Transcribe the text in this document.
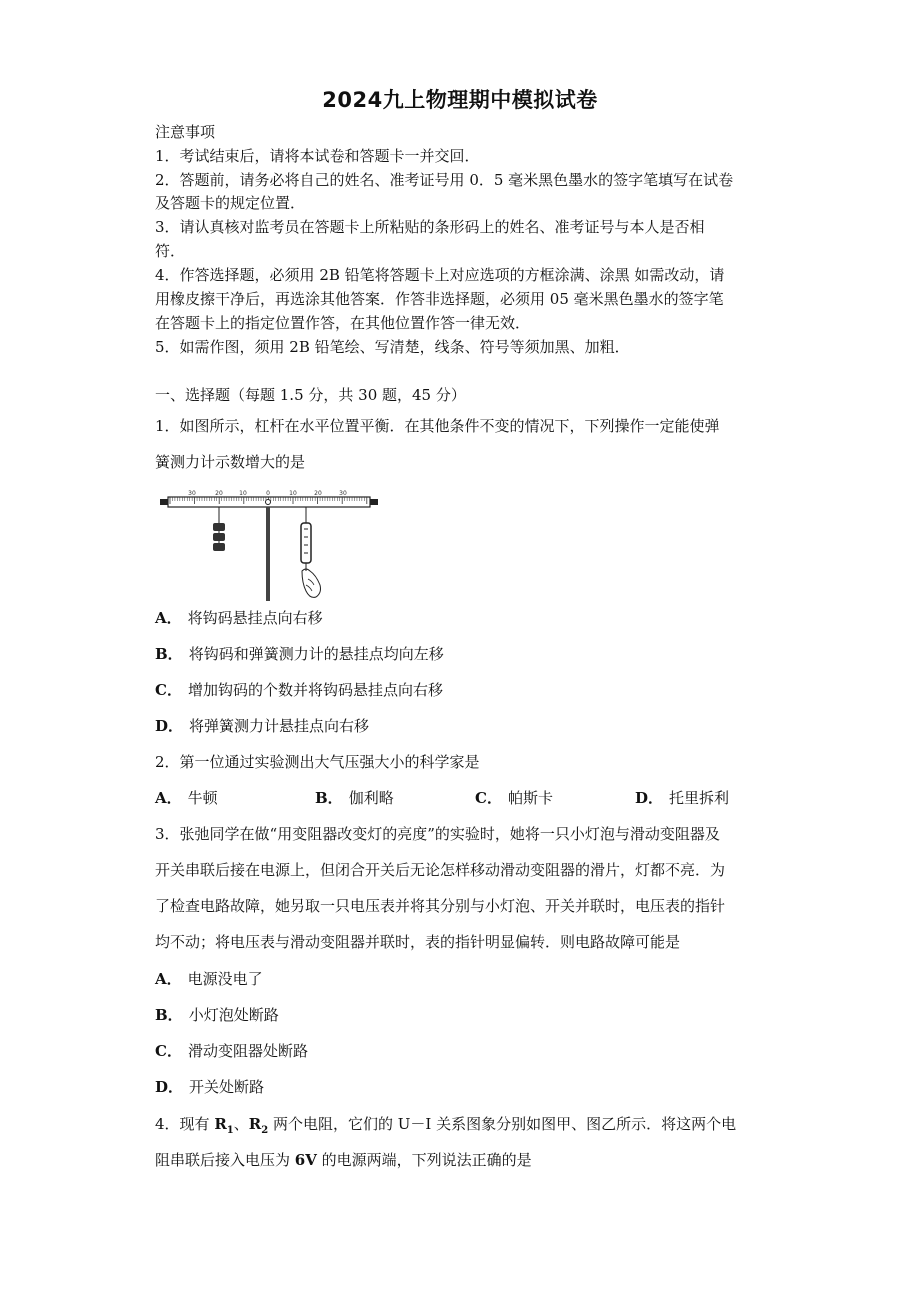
2024九上物理期中模拟试卷
注意事项
1．考试结束后，请将本试卷和答题卡一并交回．
2．答题前，请务必将自己的姓名、准考证号用 0．5 毫米黑色墨水的签字笔填写在试卷
及答题卡的规定位置．
3．请认真核对监考员在答题卡上所粘贴的条形码上的姓名、准考证号与本人是否相
符．
4．作答选择题，必须用 2B 铅笔将答题卡上对应选项的方框涂满、涂黑 如需改动，请
用橡皮擦干净后，再选涂其他答案．作答非选择题，必须用 05 毫米黑色墨水的签字笔
在答题卡上的指定位置作答，在其他位置作答一律无效．
5．如需作图，须用 2B 铅笔绘、写清楚，线条、符号等须加黑、加粗．
一、选择题（每题 1.5 分，共 30 题，45 分）
1．如图所示，杠杆在水平位置平衡．在其他条件不变的情况下，下列操作一定能使弹
簧测力计示数增大的是
30	20	10	0	10	20	30
A． 将钩码悬挂点向右移
B． 将钩码和弹簧测力计的悬挂点均向左移
C． 增加钩码的个数并将钩码悬挂点向右移
D． 将弹簧测力计悬挂点向右移
2．第一位通过实验测出大气压强大小的科学家是
A． 牛顿	B． 伽利略	C． 帕斯卡	D． 托里拆利
3．张弛同学在做“用变阻器改变灯的亮度”的实验时，她将一只小灯泡与滑动变阻器及
开关串联后接在电源上，但闭合开关后无论怎样移动滑动变阻器的滑片，灯都不亮．为
了检查电路故障，她另取一只电压表并将其分别与小灯泡、开关并联时，电压表的指针
均不动；将电压表与滑动变阻器并联时，表的指针明显偏转．则电路故障可能是
A． 电源没电了
B． 小灯泡处断路
C． 滑动变阻器处断路
D． 开关处断路
4．现有 $R_1$、$R_2$ 两个电阻，它们的 U－I 关系图象分别如图甲、图乙所示．将这两个电
阻串联后接入电压为 6V 的电源两端，下列说法正确的是
